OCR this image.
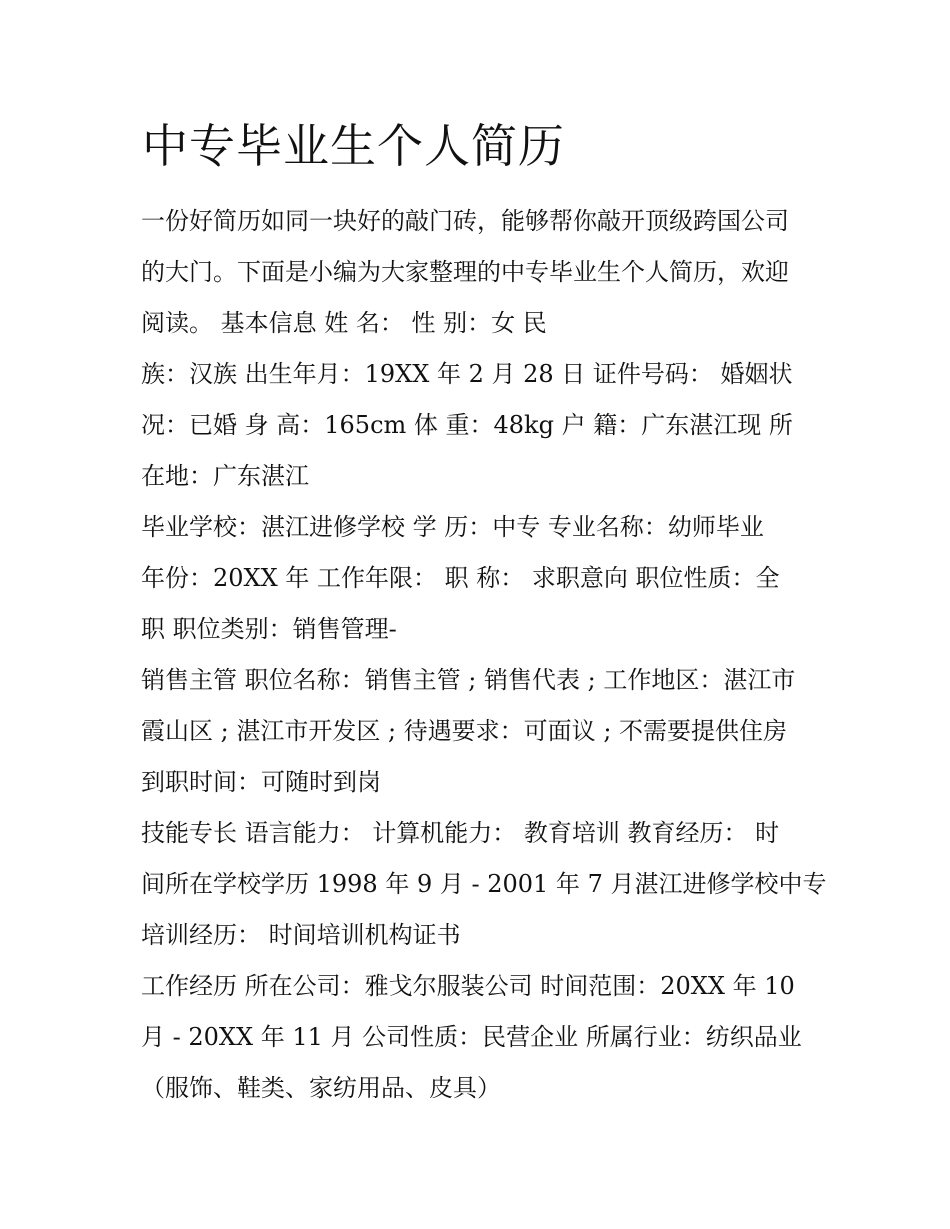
中专毕业生个人简历
一份好简历如同一块好的敲门砖，能够帮你敲开顶级跨国公司
的大门。下面是小编为大家整理的中专毕业生个人简历，欢迎
阅读。 基本信息 姓 名： 性 别：女 民
族：汉族 出生年月：19XX 年 2 月 28 日 证件号码： 婚姻状
况：已婚 身 高：165cm 体 重：48kg 户 籍：广东湛江现 所
在地：广东湛江
毕业学校：湛江进修学校 学 历：中专 专业名称：幼师毕业
年份：20XX 年 工作年限： 职 称： 求职意向 职位性质：全
职 职位类别：销售管理-
销售主管 职位名称：销售主管 ; 销售代表 ; 工作地区：湛江市
霞山区 ; 湛江市开发区 ; 待遇要求：可面议 ; 不需要提供住房
到职时间：可随时到岗
技能专长 语言能力： 计算机能力： 教育培训 教育经历： 时
间所在学校学历 1998 年 9 月 - 2001 年 7 月湛江进修学校中专
培训经历： 时间培训机构证书
工作经历 所在公司：雅戈尔服装公司 时间范围：20XX 年 10
月 - 20XX 年 11 月 公司性质：民营企业 所属行业：纺织品业
（服饰、鞋类、家纺用品、皮具）
